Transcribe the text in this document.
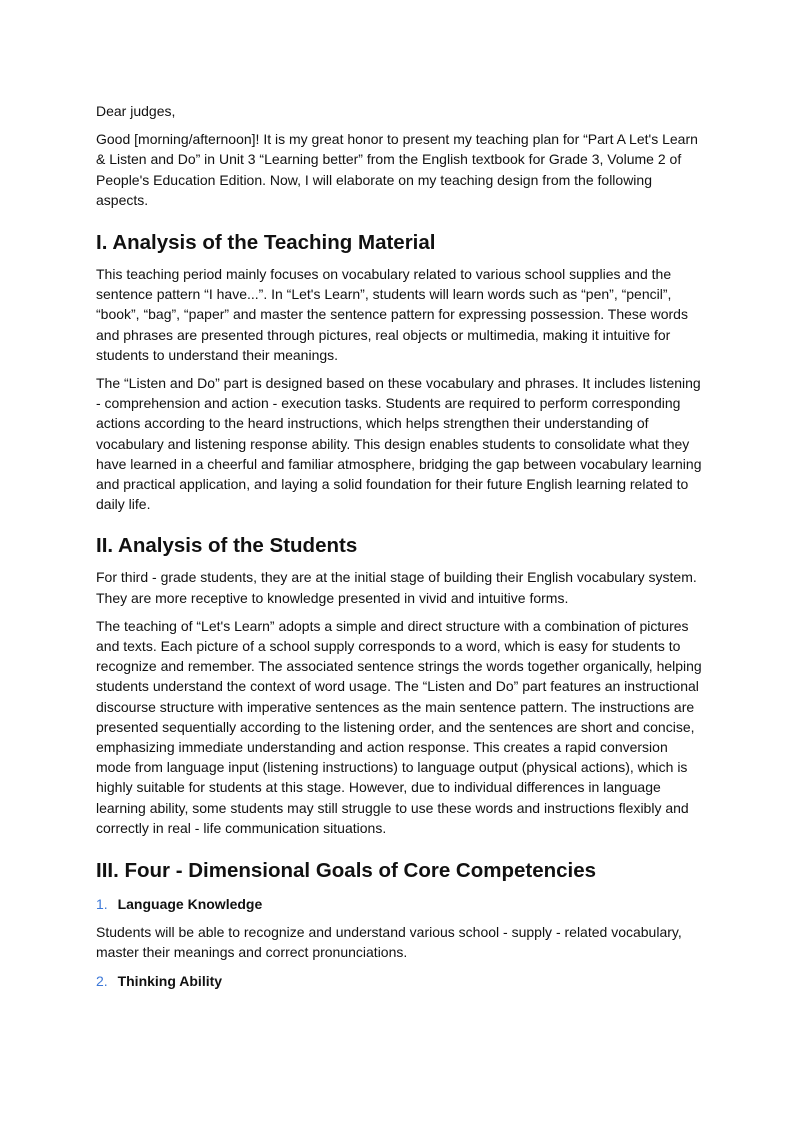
Dear judges,

Good [morning/afternoon]! It is my great honor to present my teaching plan for “Part A Let's Learn & Listen and Do” in Unit 3 “Learning better” from the English textbook for Grade 3, Volume 2 of People's Education Edition. Now, I will elaborate on my teaching design from the following aspects.

I. Analysis of the Teaching Material

This teaching period mainly focuses on vocabulary related to various school supplies and the sentence pattern “I have...”. In “Let's Learn”, students will learn words such as “pen”, “pencil”, “book”, “bag”, “paper” and master the sentence pattern for expressing possession. These words and phrases are presented through pictures, real objects or multimedia, making it intuitive for students to understand their meanings.

The “Listen and Do” part is designed based on these vocabulary and phrases. It includes listening - comprehension and action - execution tasks. Students are required to perform corresponding actions according to the heard instructions, which helps strengthen their understanding of vocabulary and listening response ability. This design enables students to consolidate what they have learned in a cheerful and familiar atmosphere, bridging the gap between vocabulary learning and practical application, and laying a solid foundation for their future English learning related to daily life.

II. Analysis of the Students

For third - grade students, they are at the initial stage of building their English vocabulary system. They are more receptive to knowledge presented in vivid and intuitive forms.

The teaching of “Let's Learn” adopts a simple and direct structure with a combination of pictures and texts. Each picture of a school supply corresponds to a word, which is easy for students to recognize and remember. The associated sentence strings the words together organically, helping students understand the context of word usage. The “Listen and Do” part features an instructional discourse structure with imperative sentences as the main sentence pattern. The instructions are presented sequentially according to the listening order, and the sentences are short and concise, emphasizing immediate understanding and action response. This creates a rapid conversion mode from language input (listening instructions) to language output (physical actions), which is highly suitable for students at this stage. However, due to individual differences in language learning ability, some students may still struggle to use these words and instructions flexibly and correctly in real - life communication situations.

III. Four - Dimensional Goals of Core Competencies
1. Language Knowledge

Students will be able to recognize and understand various school - supply - related vocabulary, master their meanings and correct pronunciations.

2. Thinking Ability
